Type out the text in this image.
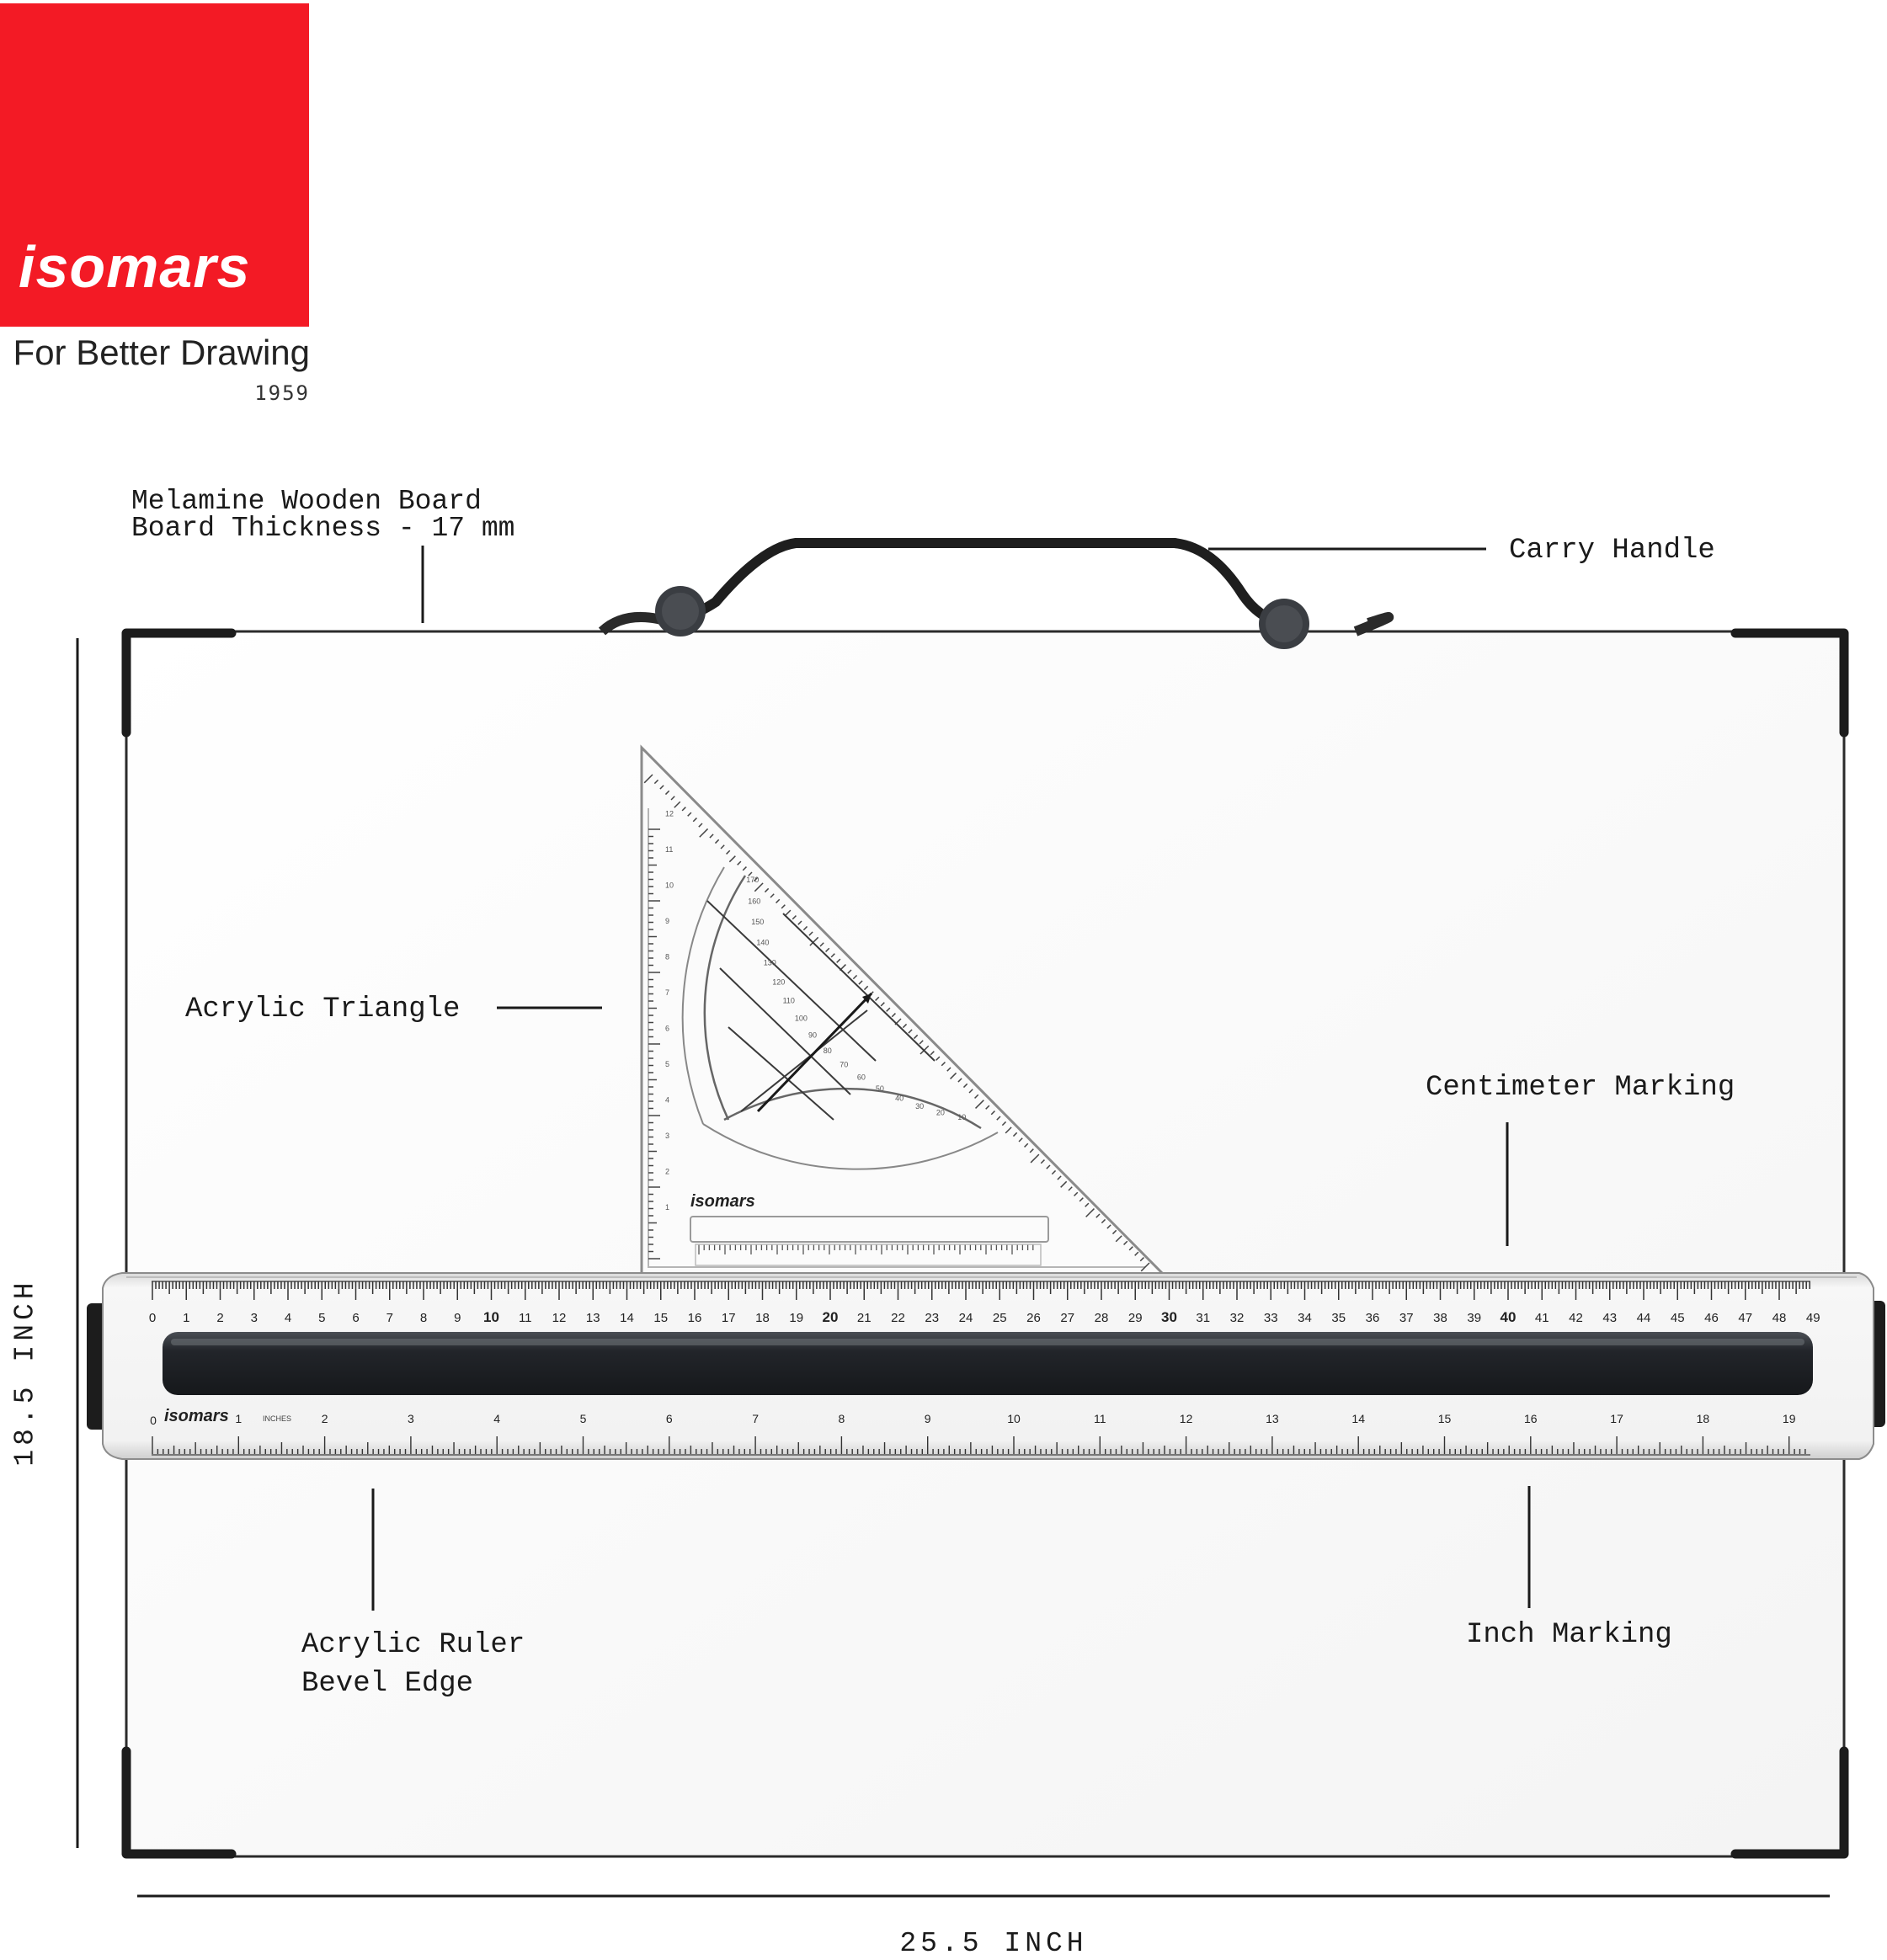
isomars
For Better Drawing
1959
1
2
3
4
5
6
7
8
9
10
11
12
10
20
30
40
50
60
70
80
90
100
110
120
130
140
150
160
170
isomars
0 1 2 3 4 5 6 7 8 9 10 11 12 13 14 15 16 17 18 19 20 21 22 23 24 25 26 27 28 29 30 31 32 33 34 35 36 37 38 39 40 41 42 43 44 45 46 47 48 49
isomars	INCHES
0	1	2	3	4	5	6	7	8	9	10	11	12	13	14	15	16	17	18	19
Melamine Wooden Board
Board Thickness - 17 mm
Carry Handle
Acrylic Triangle
Centimeter Marking
Acrylic Ruler
Bevel Edge
Inch Marking
18.5 INCH
25.5 INCH
